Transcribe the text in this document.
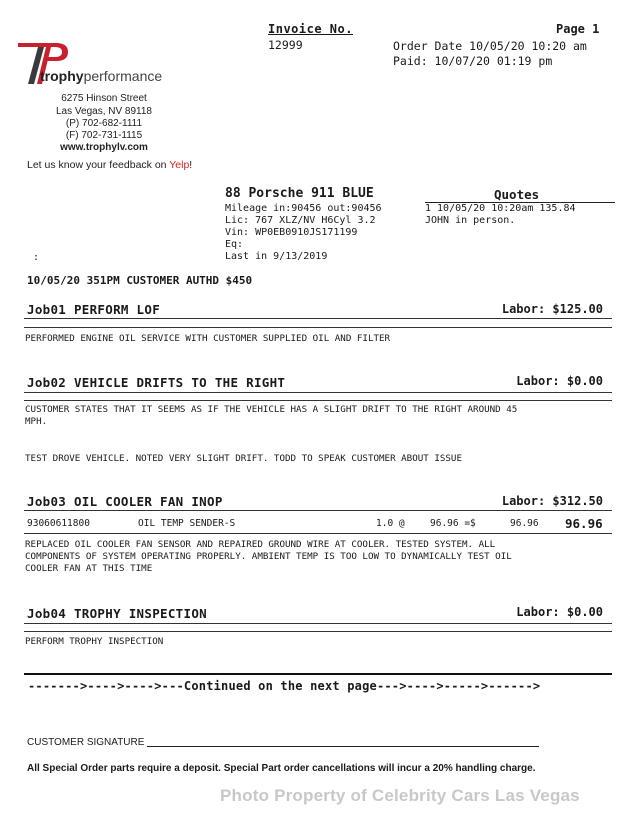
Invoice No.
12999
Page 1
Order Date 10/05/20 10:20 am
Paid: 10/07/20 01:19 pm
trophyperformance
6275 Hinson Street
Las Vegas, NV 89118
(P) 702-682-1111
(F) 702-731-1115
www.trophylv.com
Let us know your feedback on Yelp!
88 Porsche 911 BLUE
Mileage in:90456 out:90456
Lic: 767 XLZ/NV H6Cyl 3.2
Vin: WP0EB0910JS171199
Eq:
Last in 9/13/2019
:
Quotes
1 10/05/20 10:20am 135.84
JOHN in person.
10/05/20 351PM CUSTOMER AUTHD $450
Job01 PERFORM LOF	Labor: $125.00
PERFORMED ENGINE OIL SERVICE WITH CUSTOMER SUPPLIED OIL AND FILTER
Job02 VEHICLE DRIFTS TO THE RIGHT	Labor: $0.00
CUSTOMER STATES THAT IT SEEMS AS IF THE VEHICLE HAS A SLIGHT DRIFT TO THE RIGHT AROUND 45
MPH.
TEST DROVE VEHICLE. NOTED VERY SLIGHT DRIFT. TODD TO SPEAK CUSTOMER ABOUT ISSUE
Job03 OIL COOLER FAN INOP	Labor: $312.50
93060611800	OIL TEMP SENDER-S	1.0 @	96.96 =$	96.96 96.96
REPLACED OIL COOLER FAN SENSOR AND REPAIRED GROUND WIRE AT COOLER. TESTED SYSTEM. ALL
COMPONENTS OF SYSTEM OPERATING PROPERLY. AMBIENT TEMP IS TOO LOW TO DYNAMICALLY TEST OIL
COOLER FAN AT THIS TIME
Job04 TROPHY INSPECTION	Labor: $0.00
PERFORM TROPHY INSPECTION
------->---->---->---Continued on the next page--->---->----->------>
CUSTOMER SIGNATURE
All Special Order parts require a deposit. Special Part order cancellations will incur a 20% handling charge.
Photo Property of Celebrity Cars Las Vegas
